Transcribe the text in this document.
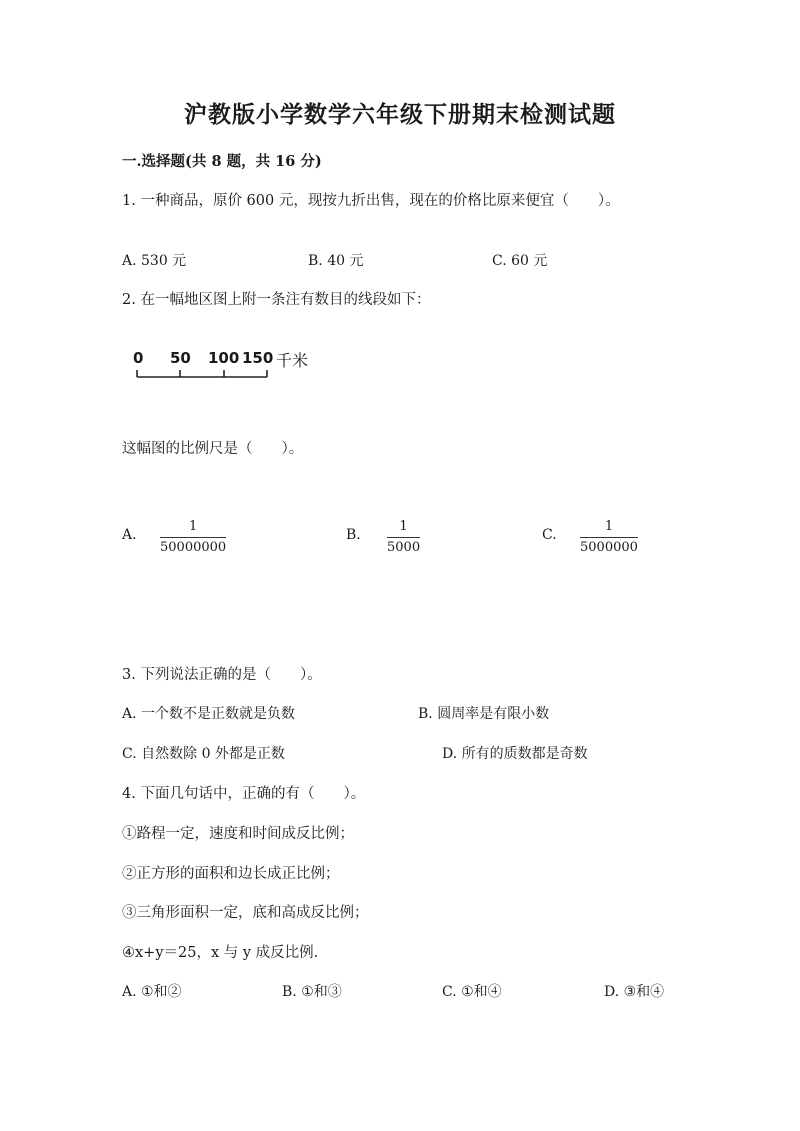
沪教版小学数学六年级下册期末检测试题
一.选择题(共 8 题，共 16 分)
1. 一种商品，原价 600 元，现按九折出售，现在的价格比原来便宜（　　）。
A. 530 元	B. 40 元	C. 60 元
2. 在一幅地区图上附一条注有数目的线段如下：
0 50 100 150 千米
这幅图的比例尺是（　　）。
A.
1
50000000
B.
1
5000
C.
1
5000000
3. 下列说法正确的是（　　）。
A. 一个数不是正数就是负数	B. 圆周率是有限小数
C. 自然数除 0 外都是正数	D. 所有的质数都是奇数
4. 下面几句话中，正确的有（　　）。
①路程一定，速度和时间成反比例；
②正方形的面积和边长成正比例；
③三角形面积一定，底和高成反比例；
④x+y＝25，x 与 y 成反比例.
A. ①和②	B. ①和③	C. ①和④	D. ③和④
